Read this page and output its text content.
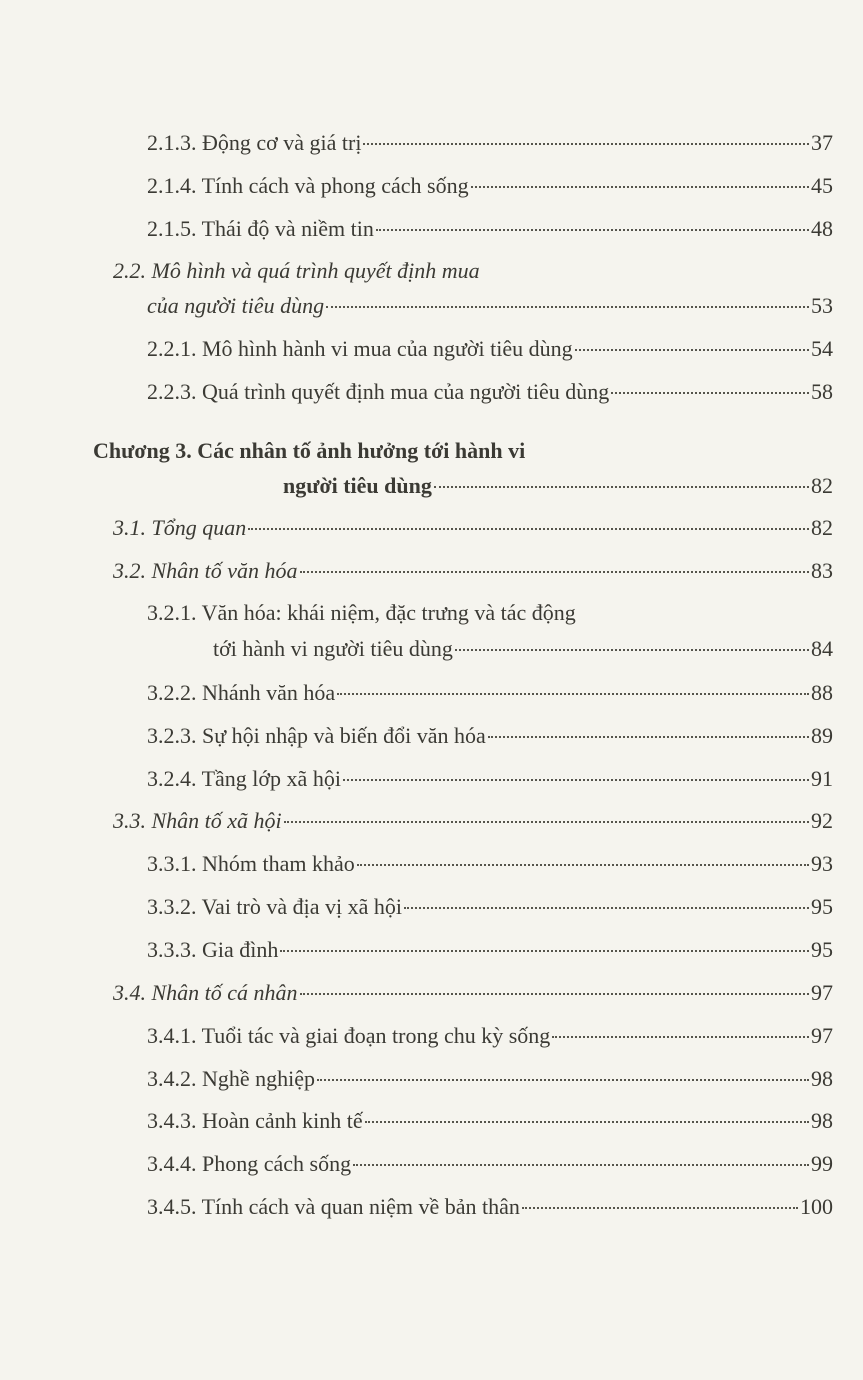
2.1.3. Động cơ và giá trị	37
2.1.4. Tính cách và phong cách sống	45
2.1.5. Thái độ và niềm tin	48
2.2. Mô hình và quá trình quyết định mua
của người tiêu dùng	53
2.2.1. Mô hình hành vi mua của người tiêu dùng	54
2.2.3. Quá trình quyết định mua của người tiêu dùng	58
Chương 3. Các nhân tố ảnh hưởng tới hành vi
người tiêu dùng	82
3.1. Tổng quan	82
3.2. Nhân tố văn hóa	83
3.2.1. Văn hóa: khái niệm, đặc trưng và tác động
tới hành vi người tiêu dùng	84
3.2.2. Nhánh văn hóa	88
3.2.3. Sự hội nhập và biến đổi văn hóa	89
3.2.4. Tầng lớp xã hội	91
3.3. Nhân tố xã hội	92
3.3.1. Nhóm tham khảo	93
3.3.2. Vai trò và địa vị xã hội	95
3.3.3. Gia đình	95
3.4. Nhân tố cá nhân	97
3.4.1. Tuổi tác và giai đoạn trong chu kỳ sống	97
3.4.2. Nghề nghiệp	98
3.4.3. Hoàn cảnh kinh tế	98
3.4.4. Phong cách sống	99
3.4.5. Tính cách và quan niệm về bản thân	100
